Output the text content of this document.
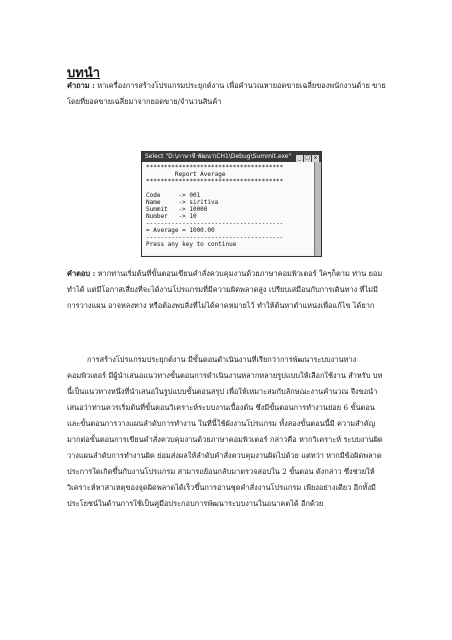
บทนำ
คำถาม : หาเครื่องการสร้างโปรแกรมประยุกต์งาน เพื่อคำนวณหายอดขายเฉลี่ยของพนักงานด้าย ขายโดยที่ยอดขายเฉลี่ยมาจากยอดขาย/จำนวนสินค้า
Select "D:\ภาษาซี พัฒนา\CH1\Debug\Summit.exe"	_ □ x
**************************************
Report Average
**************************************

Code     -> 001
Name     -> siritiva
Summit   -> 10000
Number   -> 10
--------------------------------------
= Average = 1000.00
--------------------------------------
Press any key to continue
คำตอบ : หากท่านเริ่มต้นที่ขั้นตอนเขียนคำสั่งควบคุมงานด้วยภาษาคอมพิวเตอร์ ใคๆก็ตาม ท่าน ยอมทำได้ แต่มีโอกาสเสี่ยงที่จะได้งานโปรแกรมที่มีความผิดพลาดสูง เปรียบเสมือนกับการเดินทาง ที่ไม่มีการวางแผน อาจหลงทาง หรือต้องพบสิ่งที่ไม่ได้คาดหมายไว้ ทำให้ต้นหาตำแหน่งเพื่อแก้ไข ได้ยาก
การสร้างโปรแกรมประยุกต์งาน มีขั้นตอนดำเนินงานที่เรียกว่าการพัฒนาระบบงานทาง คอมพิวเตอร์ มีผู้นำเสนอแนวทางขั้นตอนการดำเนินงานหลากหลายรูปแบบให้เลือกใช้งาน สำหรับ บทนี้เป็นแนวทางหนึ่งที่นำเสนอในรูปแบบขั้นตอนสรุป เพื่อให้เหมาะสมกับลักษณะงานคำนวณ จึงขอนำเสนอว่าท่านควรเริ่มต้นที่ขั้นตอนวิเคราะห์ระบบงานเบื้องต้น ซึ่งมีขั้นตอนการทำงานย่อย 6 ขั้นตอน และขั้นตอนการวางแผนลำดับการทำงาน ในที่นี้ใช้ผังงานโปรแกรม ทั้งสองขั้นตอนนี้มี ความสำคัญมากต่อขั้นตอนการเขียนคำสั่งควบคุมงานด้วยภาษาคอมพิวเตอร์ กล่าวคือ หากวิเคราะห์ ระบบงานผิด วางแผนลำดับการทำงานผิด ย่อมส่งผลให้ลำดับคำสั่งควบคุมงานผิดไปด้วย แต่ทว่า หากมีข้อผิดพลาดประการใดเกิดขึ้นกับงานโปรแกรม สามารถย้อนกลับมาตรวจสอบใน 2 ขั้นตอน ดังกล่าว ซึ่งช่วยให้วิเคราะห์หาสาเหตุของจุดผิดพลาดได้เร็วขึ้นการอ่านชุดคำสั่งงานโปรแกรม เพียงอย่างเดียว อีกทั้งมีประโยชน์ในด้านการใช้เป็นคู่มือประกอบการพัฒนาระบบงานในอนาคตได้ อีกด้วย
